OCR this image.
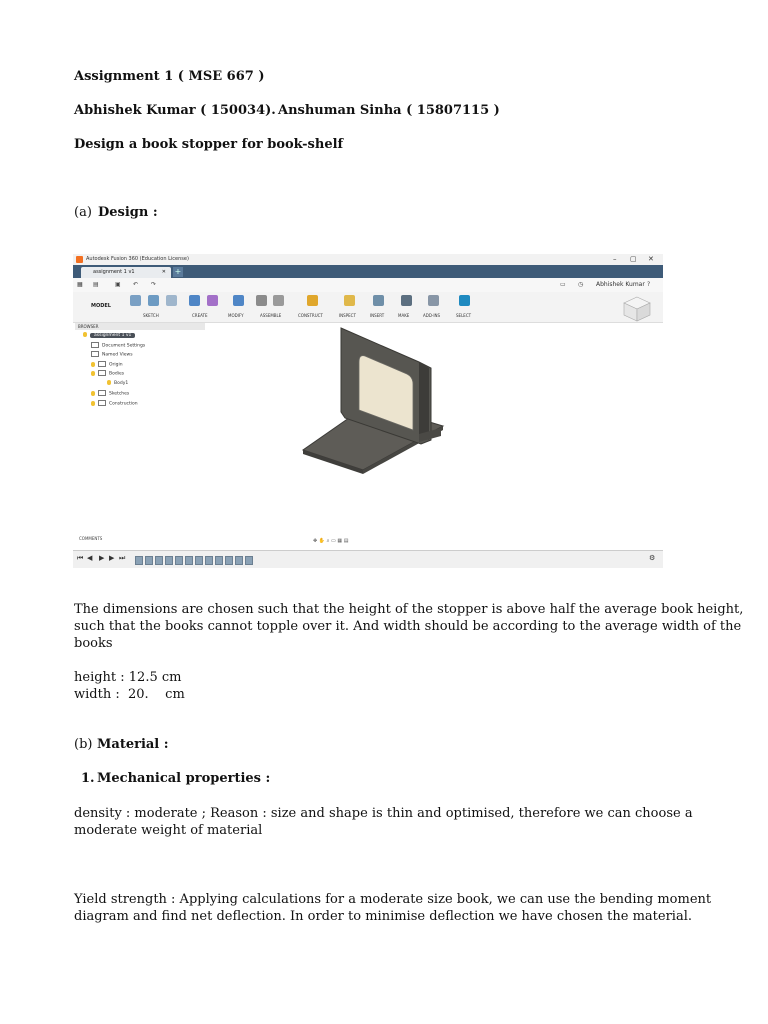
Assignment 1 ( MSE 667 )
Abhishek Kumar ( 150034). Anshuman Sinha ( 15807115 )
Design a book stopper for book-shelf
(a) Design :
Autodesk Fusion 360 (Education License)	– ▢ ✕
assignment 1 v1	✕ +
▦ ▤	▣ ↶ ↷	▭ ◷ Abhishek Kumar ?
MODEL
SKETCH	CREATE	MODIFY	ASSEMBLE	CONSTRUCT	INSPECT	INSERT	MAKE	ADD-INS	SELECT
BROWSER
assignment 1 v1
Document Settings
Named Views
Origin
Bodies
Body1
Sketches
Construction
COMMENTS	✥ ✋ ⌕ ▭ ▦ ▤
⏮ ◀ ▶ ▶ ⏭	⚙
The dimensions are chosen such that the height of the stopper is above half the average book height,
such that the books cannot topple over it. And width should be according to the average width of the
books
height : 12.5 cm
width :  20.    cm
(b) Material :
1. Mechanical properties :
density : moderate ; Reason : size and shape is thin and optimised, therefore we can choose a
moderate weight of material
Yield strength : Applying calculations for a moderate size book, we can use the bending moment
diagram and find net deflection. In order to minimise deflection we have chosen the material.
